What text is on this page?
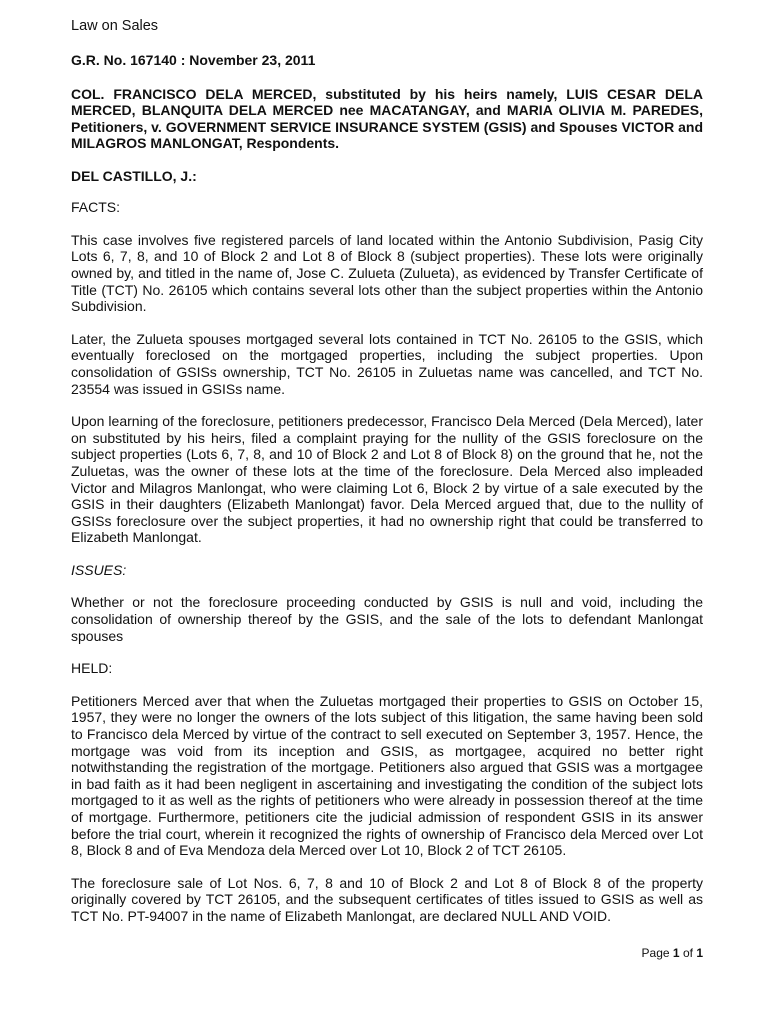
Law on Sales
G.R. No. 167140 : November 23, 2011
COL. FRANCISCO DELA MERCED, substituted by his heirs namely, LUIS CESAR DELA MERCED, BLANQUITA DELA MERCED nee MACATANGAY, and MARIA OLIVIA M. PAREDES, Petitioners, v. GOVERNMENT SERVICE INSURANCE SYSTEM (GSIS) and Spouses VICTOR and MILAGROS MANLONGAT, Respondents.
DEL CASTILLO, J.:
FACTS:

This case involves five registered parcels of land located within the Antonio Subdivision, Pasig City Lots 6, 7, 8, and 10 of Block 2 and Lot 8 of Block 8 (subject properties). These lots were originally owned by, and titled in the name of, Jose C. Zulueta (Zulueta), as evidenced by Transfer Certificate of Title (TCT) No. 26105 which contains several lots other than the subject properties within the Antonio Subdivision.

Later, the Zulueta spouses mortgaged several lots contained in TCT No. 26105 to the GSIS, which eventually foreclosed on the mortgaged properties, including the subject properties. Upon consolidation of GSISs ownership, TCT No. 26105 in Zuluetas name was cancelled, and TCT No. 23554 was issued in GSISs name.

Upon learning of the foreclosure, petitioners predecessor, Francisco Dela Merced (Dela Merced), later on substituted by his heirs, filed a complaint praying for the nullity of the GSIS foreclosure on the subject properties (Lots 6, 7, 8, and 10 of Block 2 and Lot 8 of Block 8) on the ground that he, not the Zuluetas, was the owner of these lots at the time of the foreclosure. Dela Merced also impleaded Victor and Milagros Manlongat, who were claiming Lot 6, Block 2 by virtue of a sale executed by the GSIS in their daughters (Elizabeth Manlongat) favor. Dela Merced argued that, due to the nullity of GSISs foreclosure over the subject properties, it had no ownership right that could be transferred to Elizabeth Manlongat.

ISSUES:

Whether or not the foreclosure proceeding conducted by GSIS is null and void, including the consolidation of ownership thereof by the GSIS, and the sale of the lots to defendant Manlongat spouses

HELD:

Petitioners Merced aver that when the Zuluetas mortgaged their properties to GSIS on October 15, 1957, they were no longer the owners of the lots subject of this litigation, the same having been sold to Francisco dela Merced by virtue of the contract to sell executed on September 3, 1957. Hence, the mortgage was void from its inception and GSIS, as mortgagee, acquired no better right notwithstanding the registration of the mortgage. Petitioners also argued that GSIS was a mortgagee in bad faith as it had been negligent in ascertaining and investigating the condition of the subject lots mortgaged to it as well as the rights of petitioners who were already in possession thereof at the time of mortgage. Furthermore, petitioners cite the judicial admission of respondent GSIS in its answer before the trial court, wherein it recognized the rights of ownership of Francisco dela Merced over Lot 8, Block 8 and of Eva Mendoza dela Merced over Lot 10, Block 2 of TCT 26105.

The foreclosure sale of Lot Nos. 6, 7, 8 and 10 of Block 2 and Lot 8 of Block 8 of the property originally covered by TCT 26105, and the subsequent certificates of titles issued to GSIS as well as TCT No. PT-94007 in the name of Elizabeth Manlongat, are declared NULL AND VOID.

Page 1 of 1
